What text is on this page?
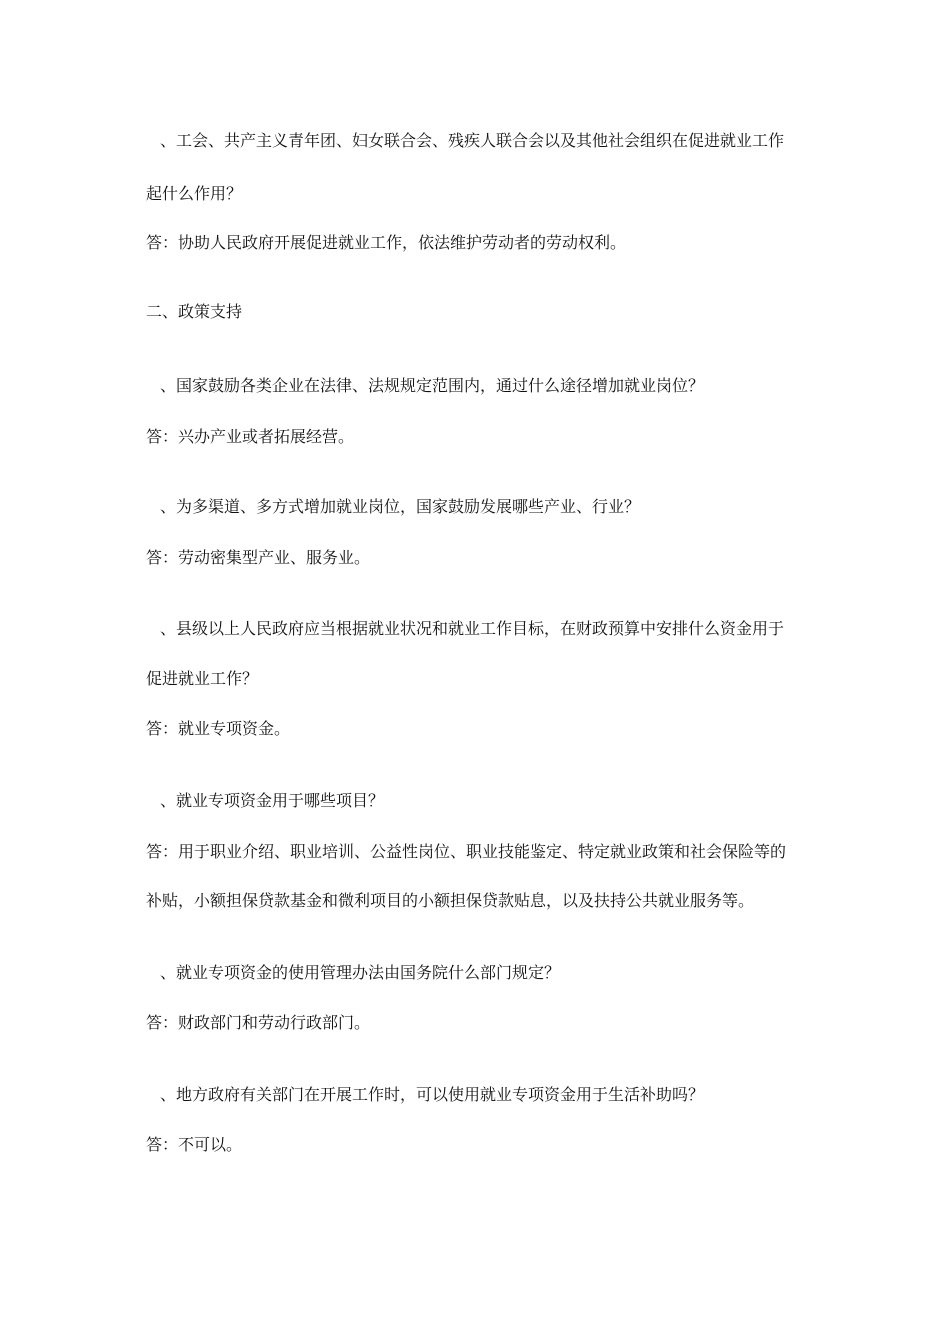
、工会、共产主义青年团、妇女联合会、残疾人联合会以及其他社会组织在促进就业工作

起什么作用？

答：协助人民政府开展促进就业工作，依法维护劳动者的劳动权利。

二、政策支持

、国家鼓励各类企业在法律、法规规定范围内，通过什么途径增加就业岗位？

答：兴办产业或者拓展经营。

、为多渠道、多方式增加就业岗位，国家鼓励发展哪些产业、行业？

答：劳动密集型产业、服务业。

、县级以上人民政府应当根据就业状况和就业工作目标，在财政预算中安排什么资金用于

促进就业工作？

答：就业专项资金。

、就业专项资金用于哪些项目？

答：用于职业介绍、职业培训、公益性岗位、职业技能鉴定、特定就业政策和社会保险等的

补贴，小额担保贷款基金和微利项目的小额担保贷款贴息，以及扶持公共就业服务等。

、就业专项资金的使用管理办法由国务院什么部门规定？

答：财政部门和劳动行政部门。

、地方政府有关部门在开展工作时，可以使用就业专项资金用于生活补助吗？

答：不可以。
